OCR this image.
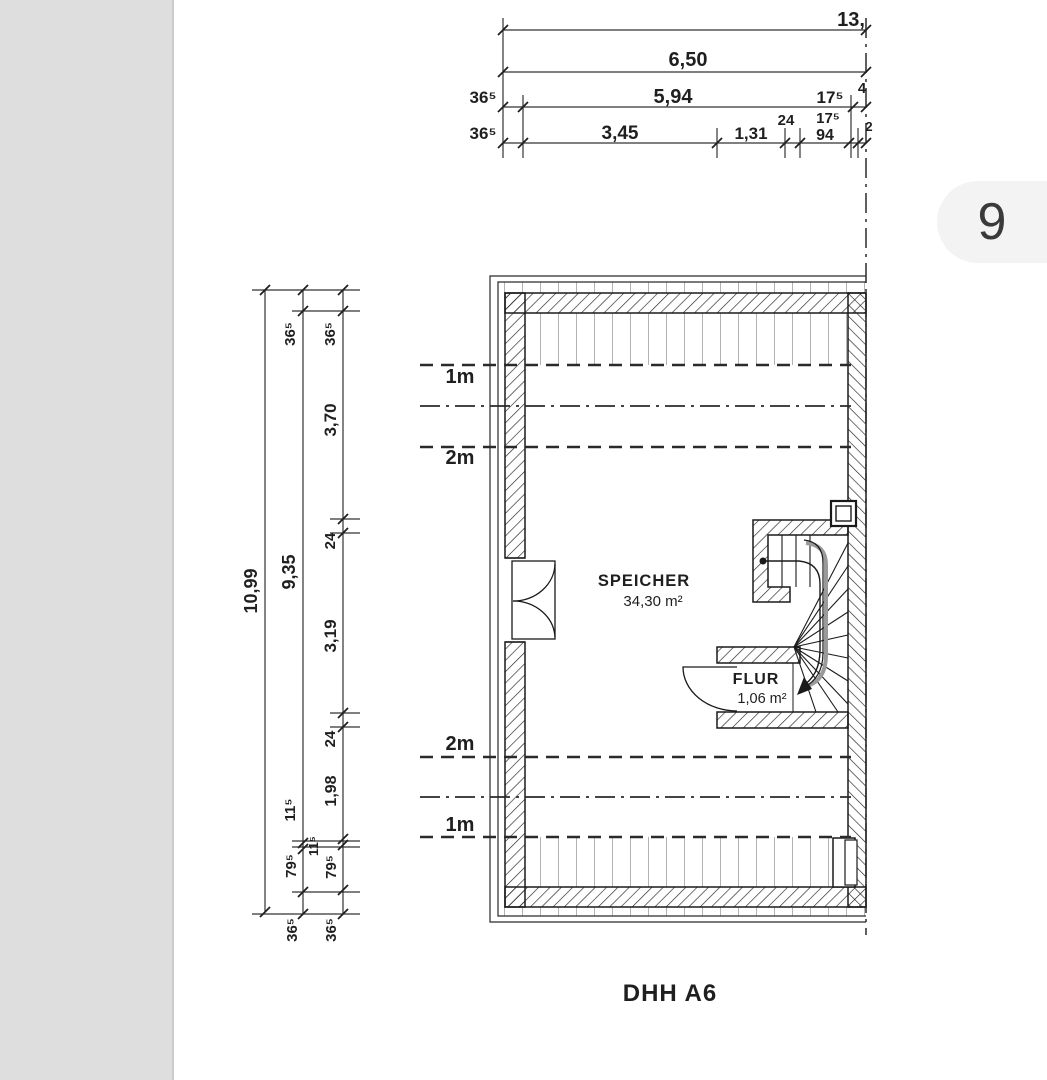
9
1m
2m
2m
1m
13,
6,50
36⁵	5,94	17⁵ 4
36⁵	3,45	1,31
24 17⁵
94
2
10,99
36⁵
9,35
11⁵
79⁵
36⁵
36⁵
3,70
24
3,19
24
1,98
11⁵
79⁵
36⁵
SPEICHER
34,30 m²
FLUR
1,06 m²
DHH A6
